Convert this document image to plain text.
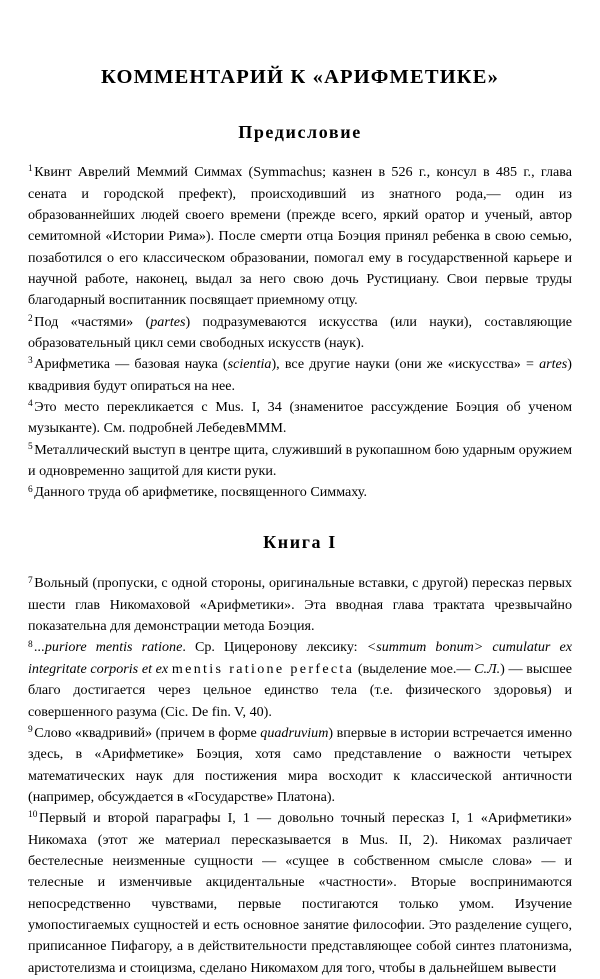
КОММЕНТАРИЙ К «АРИФМЕТИКЕ»
Предисловие

$^1$ Квинт Аврелий Меммий Симмах (Symmachus; казнен в 526 г., консул в 485 г., глава сената и городской префект), происходивший из знатного рода,— один из образованнейших людей своего времени (прежде всего, яркий оратор и ученый, автор семитомной «Истории Рима»). После смерти отца Боэция принял ребенка в свою семью, позаботился о его классическом образовании, помогал ему в государственной карьере и научной работе, наконец, выдал за него свою дочь Рустициану. Свои первые труды благодарный воспитанник посвящает приемному отцу.

$^2$ Под «частями» (partes) подразумеваются искусства (или науки), составляющие образовательный цикл семи свободных искусств (наук).

$^3$ Арифметика — базовая наука (scientia), все другие науки (они же «искусства» = artes) квадривия будут опираться на нее.

$^4$ Это место перекликается с Mus. I, 34 (знаменитое рассуждение Боэция об ученом музыканте). См. подробней ЛебедевМММ.

$^5$ Металлический выступ в центре щита, служивший в рукопашном бою ударным оружием и одновременно защитой для кисти руки.

$^6$ Данного труда об арифметике, посвященного Симмаху.

Книга I

$^7$ Вольный (пропуски, с одной стороны, оригинальные вставки, с другой) пересказ первых шести глав Никомаховой «Арифметики». Эта вводная глава трактата чрезвычайно показательна для демонстрации метода Боэция.

$^8$ ...puriore mentis ratione. Ср. Цицеронову лексику: <summum bonum> cumulatur ex integritate corporis et ex mentis ratione perfecta (выделение мое.— С.Л.) — высшее благо достигается через цельное единство тела (т.е. физического здоровья) и совершенного разума (Cic. De fin. V, 40).

$^9$ Слово «квадривий» (причем в форме quadruvium) впервые в истории встречается именно здесь, в «Арифметике» Боэция, хотя само представление о важности четырех математических наук для постижения мира восходит к классической античности (например, обсуждается в «Государстве» Платона).

$^{10}$ Первый и второй параграфы I, 1 — довольно точный пересказ I, 1 «Арифметики» Никомаха (этот же материал пересказывается в Mus. II, 2). Никомах различает бестелесные неизменные сущности — «сущее в собственном смысле слова» — и телесные и изменчивые акцидентальные «частности». Вторые воспринимаются непосредственно чувствами, первые постигаются только умом. Изучение умопостигаемых сущностей и есть основное занятие философии. Это разделение сущего, приписанное Пифагору, а в действительности представляющее собой синтез платонизма, аристотелизма и стоицизма, сделано Никомахом для того, чтобы в дальнейшем вывести
